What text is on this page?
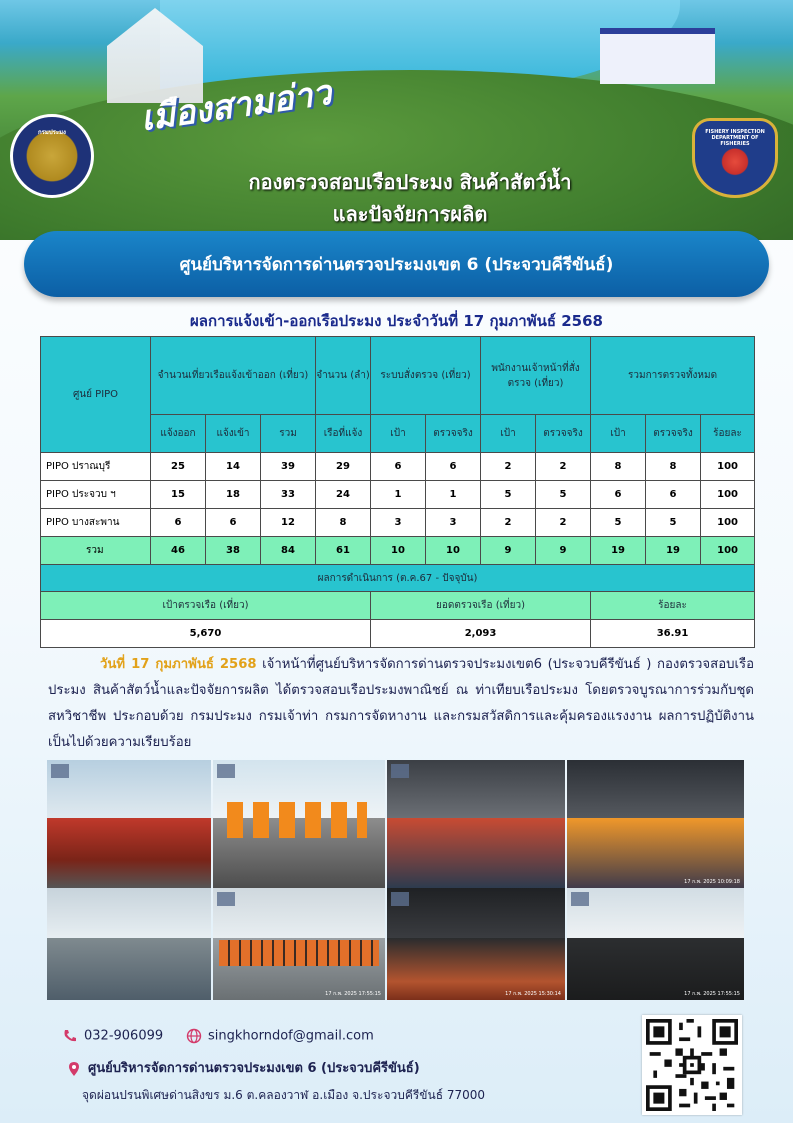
เมืองสามอ่าว
กรมประมง	FISHERY INSPECTION DEPARTMENT OF FISHERIES
กองตรวจสอบเรือประมง สินค้าสัตว์น้ำ
และปัจจัยการผลิต
ศูนย์บริหารจัดการด่านตรวจประมงเขต 6 (ประจวบคีรีขันธ์)
ผลการแจ้งเข้า-ออกเรือประมง ประจำวันที่ 17 กุมภาพันธ์ 2568
ศูนย์ PIPO	จำนวนเที่ยวเรือแจ้งเข้าออก (เที่ยว)			จำนวน (ลำ)	ระบบสั่งตรวจ (เที่ยว)		พนักงานเจ้าหน้าที่สั่งตรวจ (เที่ยว)		รวมการตรวจทั้งหมด		
	แจ้งออก	แจ้งเข้า	รวม	เรือที่แจ้ง	เป้า	ตรวจจริง	เป้า	ตรวจจริง	เป้า	ตรวจจริง	ร้อยละ
PIPO ปราณบุรี	25	14	39	29	6	6	2	2	8	8	100
PIPO ประจวบ ฯ	15	18	33	24	1	1	5	5	6	6	100
PIPO บางสะพาน	6	6	12	8	3	3	2	2	5	5	100
รวม	46	38	84	61	10	10	9	9	19	19	100
ผลการดำเนินการ (ต.ค.67 - ปัจจุบัน)											
เป้าตรวจเรือ (เที่ยว)					ยอดตรวจเรือ (เที่ยว)				ร้อยละ		
5,670					2,093				36.91		
วันที่ 17 กุมภาพันธ์ 2568 เจ้าหน้าที่ศูนย์บริหารจัดการด่านตรวจประมงเขต6 (ประจวบคีรีขันธ์ ) กองตรวจสอบเรือประมง สินค้าสัตว์น้ำและปัจจัยการผลิต ได้ตรวจสอบเรือประมงพาณิชย์ ณ ท่าเทียบเรือประมง โดยตรวจบูรณาการร่วมกับชุดสหวิชาชีพ ประกอบด้วย กรมประมง กรมเจ้าท่า กรมการจัดหางาน และกรมสวัสดิการและคุ้มครองแรงงาน ผลการปฏิบัติงานเป็นไปด้วยความเรียบร้อย
17 ก.พ. 2025 10:09:18
17 ก.พ. 2025 17:55:15	17 ก.พ. 2025 15:30:14	17 ก.พ. 2025 17:55:15
032-906099	singkhorndof@gmail.com
ศูนย์บริหารจัดการด่านตรวจประมงเขต 6 (ประจวบคีรีขันธ์)
จุดผ่อนปรนพิเศษด่านสิงขร ม.6 ต.คลองวาฬ อ.เมือง จ.ประจวบคีรีขันธ์ 77000
